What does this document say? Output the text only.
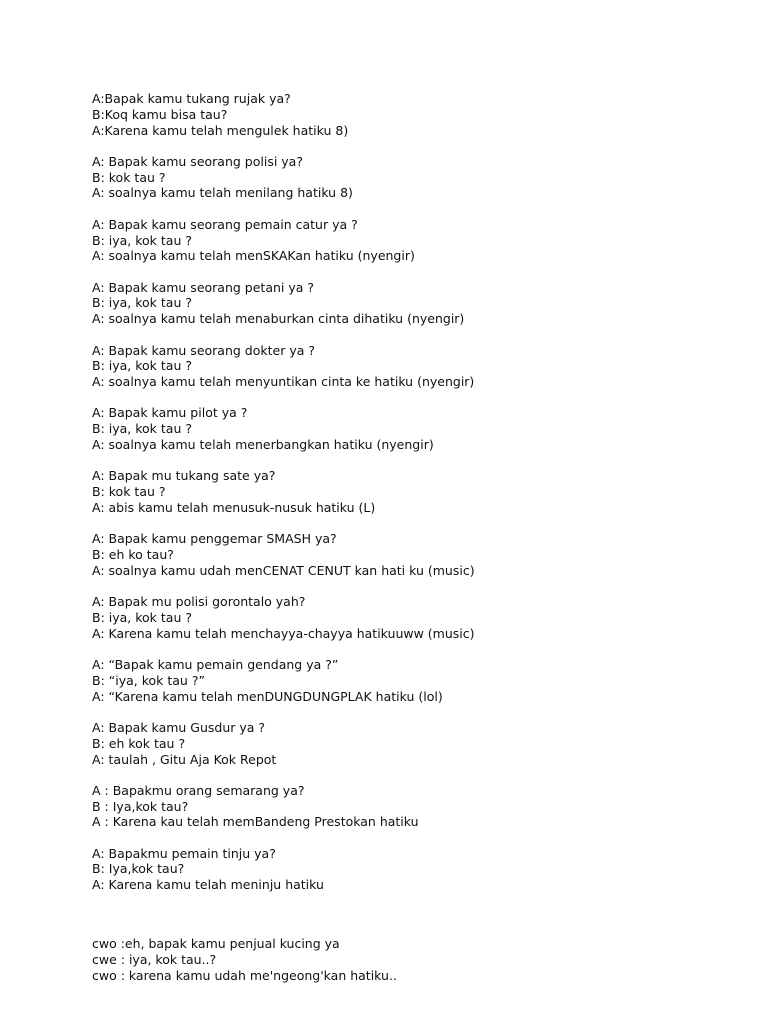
A:Bapak kamu tukang rujak ya?
B:Koq kamu bisa tau?
A:Karena kamu telah mengulek hatiku 8)
A: Bapak kamu seorang polisi ya?
B: kok tau ?
A: soalnya kamu telah menilang hatiku 8)
A: Bapak kamu seorang pemain catur ya ?
B: iya, kok tau ?
A: soalnya kamu telah menSKAKan hatiku (nyengir)
A: Bapak kamu seorang petani ya ?
B: iya, kok tau ?
A: soalnya kamu telah menaburkan cinta dihatiku (nyengir)
A: Bapak kamu seorang dokter ya ?
B: iya, kok tau ?
A: soalnya kamu telah menyuntikan cinta ke hatiku (nyengir)
A: Bapak kamu pilot ya ?
B: iya, kok tau ?
A: soalnya kamu telah menerbangkan hatiku (nyengir)
A: Bapak mu tukang sate ya?
B: kok tau ?
A: abis kamu telah menusuk-nusuk hatiku (L)
A: Bapak kamu penggemar SMASH ya?
B: eh ko tau?
A: soalnya kamu udah menCENAT CENUT kan hati ku (music)
A: Bapak mu polisi gorontalo yah?
B: iya, kok tau ?
A: Karena kamu telah menchayya-chayya hatikuuww (music)
A: “Bapak kamu pemain gendang ya ?”
B: “iya, kok tau ?”
A: “Karena kamu telah menDUNGDUNGPLAK hatiku (lol)
A: Bapak kamu Gusdur ya ?
B: eh kok tau ?
A: taulah , Gitu Aja Kok Repot
A : Bapakmu orang semarang ya?
B : Iya,kok tau?
A : Karena kau telah memBandeng Prestokan hatiku
A: Bapakmu pemain tinju ya?
B: Iya,kok tau?
A: Karena kamu telah meninju hatiku
cwo :eh, bapak kamu penjual kucing ya
cwe : iya, kok tau..?
cwo : karena kamu udah me'ngeong'kan hatiku..
